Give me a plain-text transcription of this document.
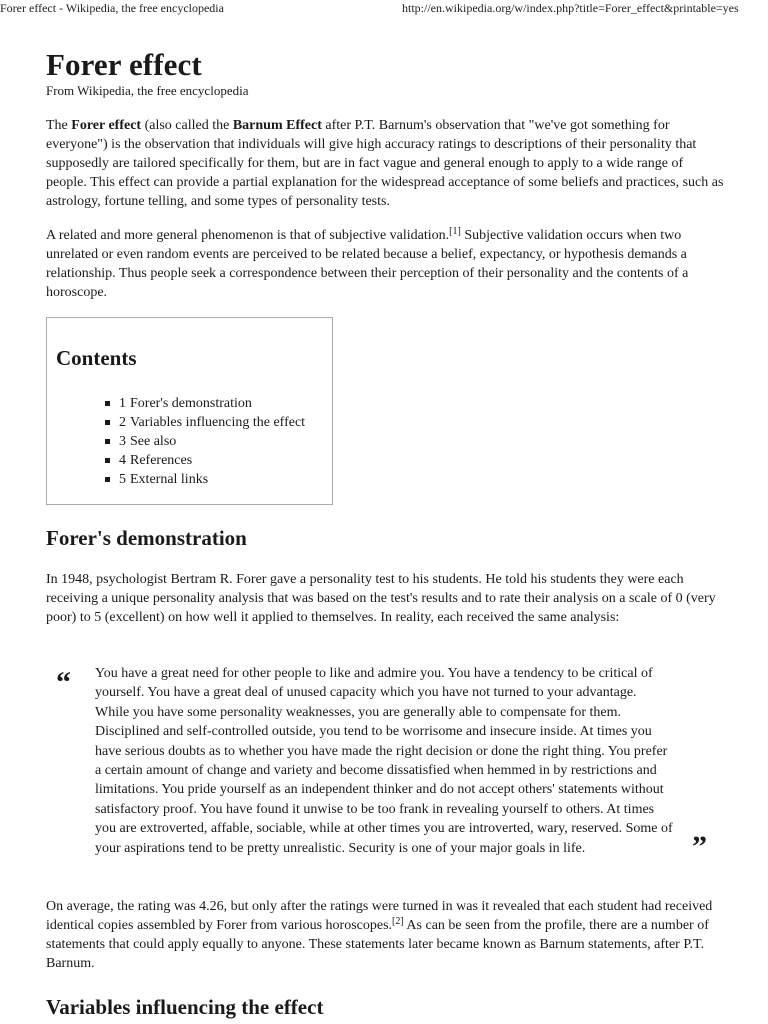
Forer effect - Wikipedia, the free encyclopedia	http://en.wikipedia.org/w/index.php?title=Forer_effect&printable=yes
Forer effect
From Wikipedia, the free encyclopedia

The Forer effect (also called the Barnum Effect after P.T. Barnum's observation that "we've got something for everyone") is the observation that individuals will give high accuracy ratings to descriptions of their personality that supposedly are tailored specifically for them, but are in fact vague and general enough to apply to a wide range of people. This effect can provide a partial explanation for the widespread acceptance of some beliefs and practices, such as astrology, fortune telling, and some types of personality tests.

A related and more general phenomenon is that of subjective validation.[1] Subjective validation occurs when two unrelated or even random events are perceived to be related because a belief, expectancy, or hypothesis demands a relationship. Thus people seek a correspondence between their perception of their personality and the contents of a horoscope.

Contents
1 Forer's demonstration
2 Variables influencing the effect
3 See also
4 References
5 External links
Forer's demonstration

In 1948, psychologist Bertram R. Forer gave a personality test to his students. He told his students they were each receiving a unique personality analysis that was based on the test's results and to rate their analysis on a scale of 0 (very poor) to 5 (excellent) on how well it applied to themselves. In reality, each received the same analysis:

“ You have a great need for other people to like and admire you. You have a tendency to be critical of yourself. You have a great deal of unused capacity which you have not turned to your advantage. While you have some personality weaknesses, you are generally able to compensate for them. Disciplined and self-controlled outside, you tend to be worrisome and insecure inside. At times you have serious doubts as to whether you have made the right decision or done the right thing. You prefer a certain amount of change and variety and become dissatisfied when hemmed in by restrictions and limitations. You pride yourself as an independent thinker and do not accept others' statements without satisfactory proof. You have found it unwise to be too frank in revealing yourself to others. At times you are extroverted, affable, sociable, while at other times you are introverted, wary, reserved. Some of your aspirations tend to be pretty unrealistic. Security is one of your major goals in life.	”

On average, the rating was 4.26, but only after the ratings were turned in was it revealed that each student had received identical copies assembled by Forer from various horoscopes.[2] As can be seen from the profile, there are a number of statements that could apply equally to anyone. These statements later became known as Barnum statements, after P.T. Barnum.

Variables influencing the effect
